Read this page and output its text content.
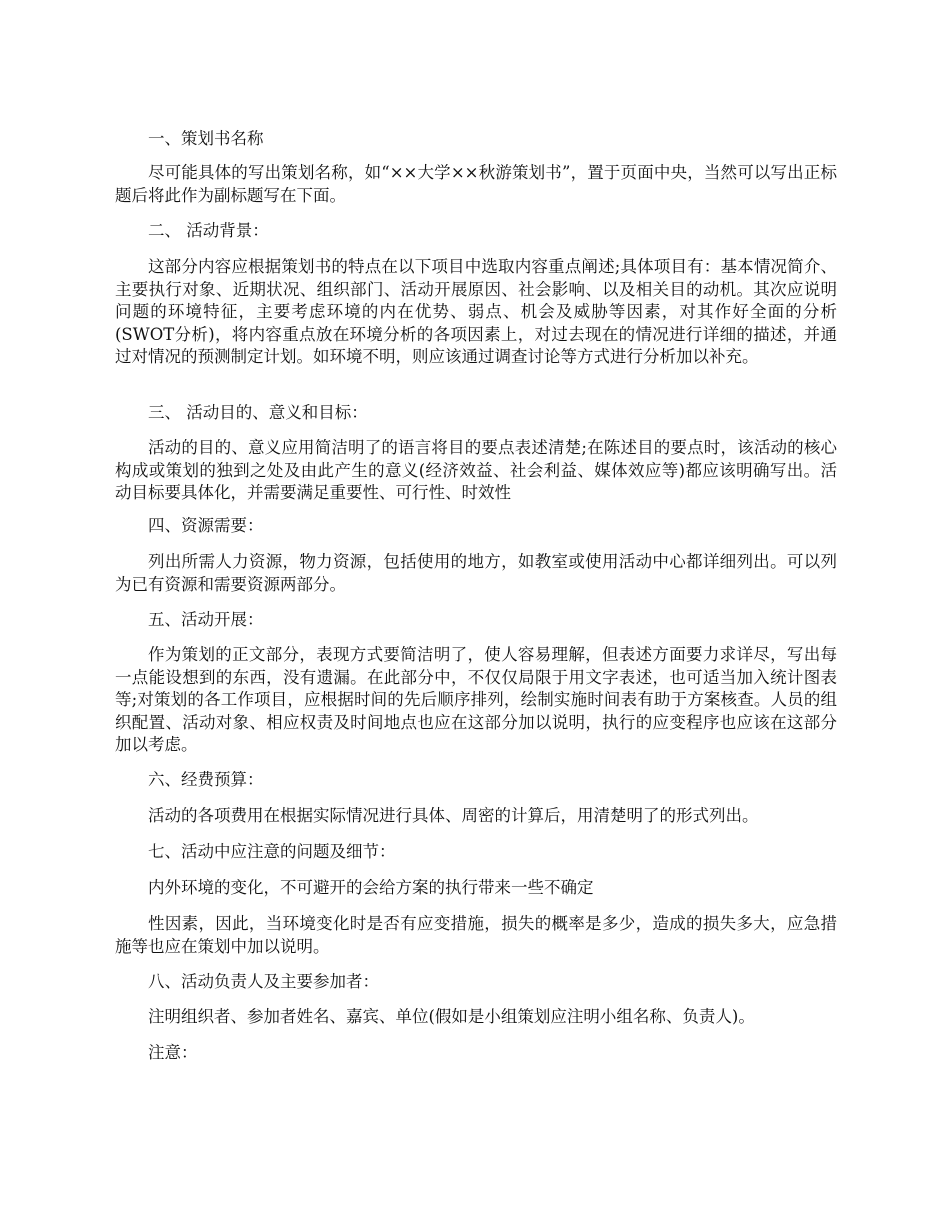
一、策划书名称
尽可能具体的写出策划名称，如“××大学××秋游策划书”，置于页面中央，当然可以写出正标题后将此作为副标题写在下面。
二、 活动背景：
这部分内容应根据策划书的特点在以下项目中选取内容重点阐述;具体项目有：基本情况简介、主要执行对象、近期状况、组织部门、活动开展原因、社会影响、以及相关目的动机。其次应说明问题的环境特征，主要考虑环境的内在优势、弱点、机会及威胁等因素，对其作好全面的分析(SWOT分析)，将内容重点放在环境分析的各项因素上，对过去现在的情况进行详细的描述，并通过对情况的预测制定计划。如环境不明，则应该通过调查讨论等方式进行分析加以补充。
三、 活动目的、意义和目标：
活动的目的、意义应用简洁明了的语言将目的要点表述清楚;在陈述目的要点时，该活动的核心构成或策划的独到之处及由此产生的意义(经济效益、社会利益、媒体效应等)都应该明确写出。活动目标要具体化，并需要满足重要性、可行性、时效性
四、资源需要：
列出所需人力资源，物力资源，包括使用的地方，如教室或使用活动中心都详细列出。可以列为已有资源和需要资源两部分。
五、活动开展：
作为策划的正文部分，表现方式要简洁明了，使人容易理解，但表述方面要力求详尽，写出每一点能设想到的东西，没有遗漏。在此部分中，不仅仅局限于用文字表述，也可适当加入统计图表等;对策划的各工作项目，应根据时间的先后顺序排列，绘制实施时间表有助于方案核查。人员的组织配置、活动对象、相应权责及时间地点也应在这部分加以说明，执行的应变程序也应该在这部分加以考虑。
六、经费预算：
活动的各项费用在根据实际情况进行具体、周密的计算后，用清楚明了的形式列出。
七、活动中应注意的问题及细节：
内外环境的变化，不可避开的会给方案的执行带来一些不确定
性因素，因此，当环境变化时是否有应变措施，损失的概率是多少，造成的损失多大，应急措施等也应在策划中加以说明。
八、活动负责人及主要参加者：
注明组织者、参加者姓名、嘉宾、单位(假如是小组策划应注明小组名称、负责人)。
注意：
